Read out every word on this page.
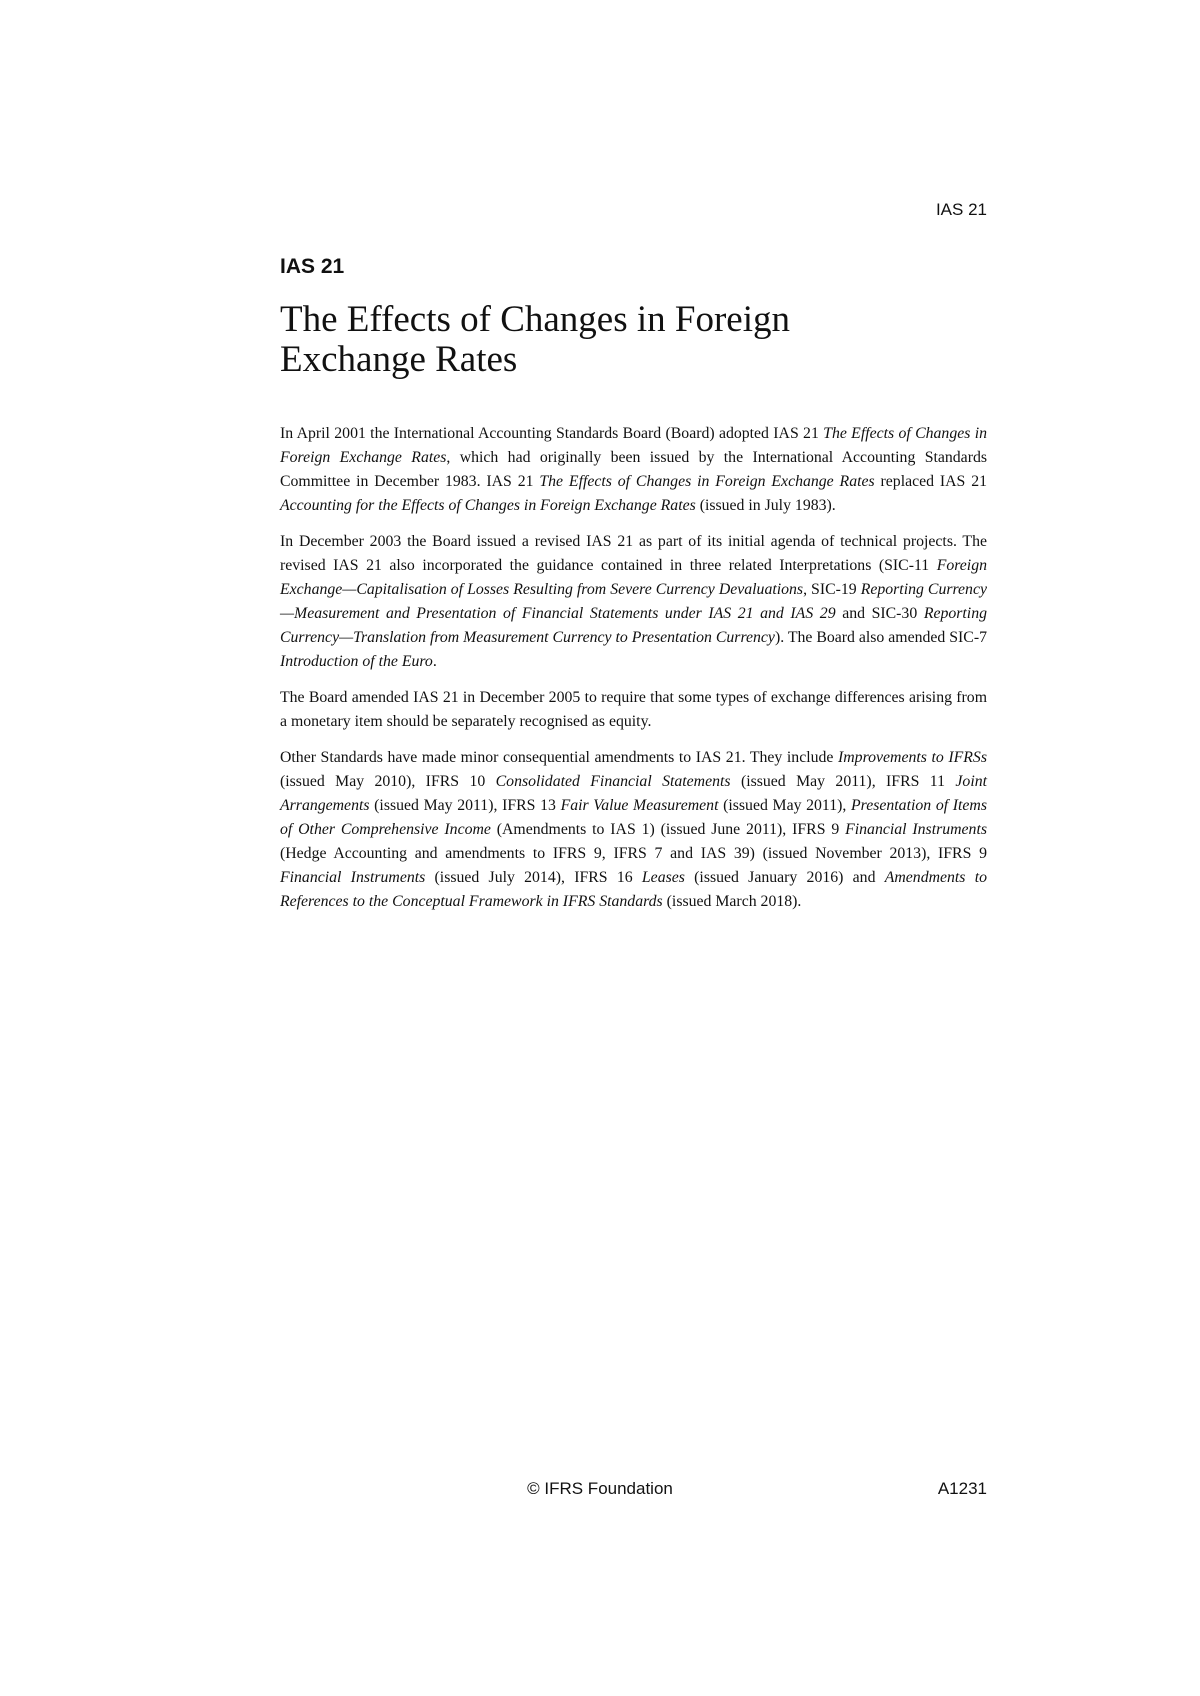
IAS 21
IAS 21
The Effects of Changes in Foreign
Exchange Rates

In April 2001 the International Accounting Standards Board (Board) adopted IAS 21 The Effects of Changes in Foreign Exchange Rates, which had originally been issued by the International Accounting Standards Committee in December 1983. IAS 21 The Effects of Changes in Foreign Exchange Rates replaced IAS 21 Accounting for the Effects of Changes in Foreign Exchange Rates (issued in July 1983).

In December 2003 the Board issued a revised IAS 21 as part of its initial agenda of technical projects. The revised IAS 21 also incorporated the guidance contained in three related Interpretations (SIC-11 Foreign Exchange—Capitalisation of Losses Resulting from Severe Currency Devaluations, SIC-19 Reporting Currency—Measurement and Presentation of Financial Statements under IAS 21 and IAS 29 and SIC-30 Reporting Currency—Translation from Measurement Currency to Presentation Currency). The Board also amended SIC-7 Introduction of the Euro.

The Board amended IAS 21 in December 2005 to require that some types of exchange differences arising from a monetary item should be separately recognised as equity.

Other Standards have made minor consequential amendments to IAS 21. They include Improvements to IFRSs (issued May 2010), IFRS 10 Consolidated Financial Statements (issued May 2011), IFRS 11 Joint Arrangements (issued May 2011), IFRS 13 Fair Value Measurement (issued May 2011), Presentation of Items of Other Comprehensive Income (Amendments to IAS 1) (issued June 2011), IFRS 9 Financial Instruments (Hedge Accounting and amendments to IFRS 9, IFRS 7 and IAS 39) (issued November 2013), IFRS 9 Financial Instruments (issued July 2014), IFRS 16 Leases (issued January 2016) and Amendments to References to the Conceptual Framework in IFRS Standards (issued March 2018).

© IFRS Foundation	A1231
